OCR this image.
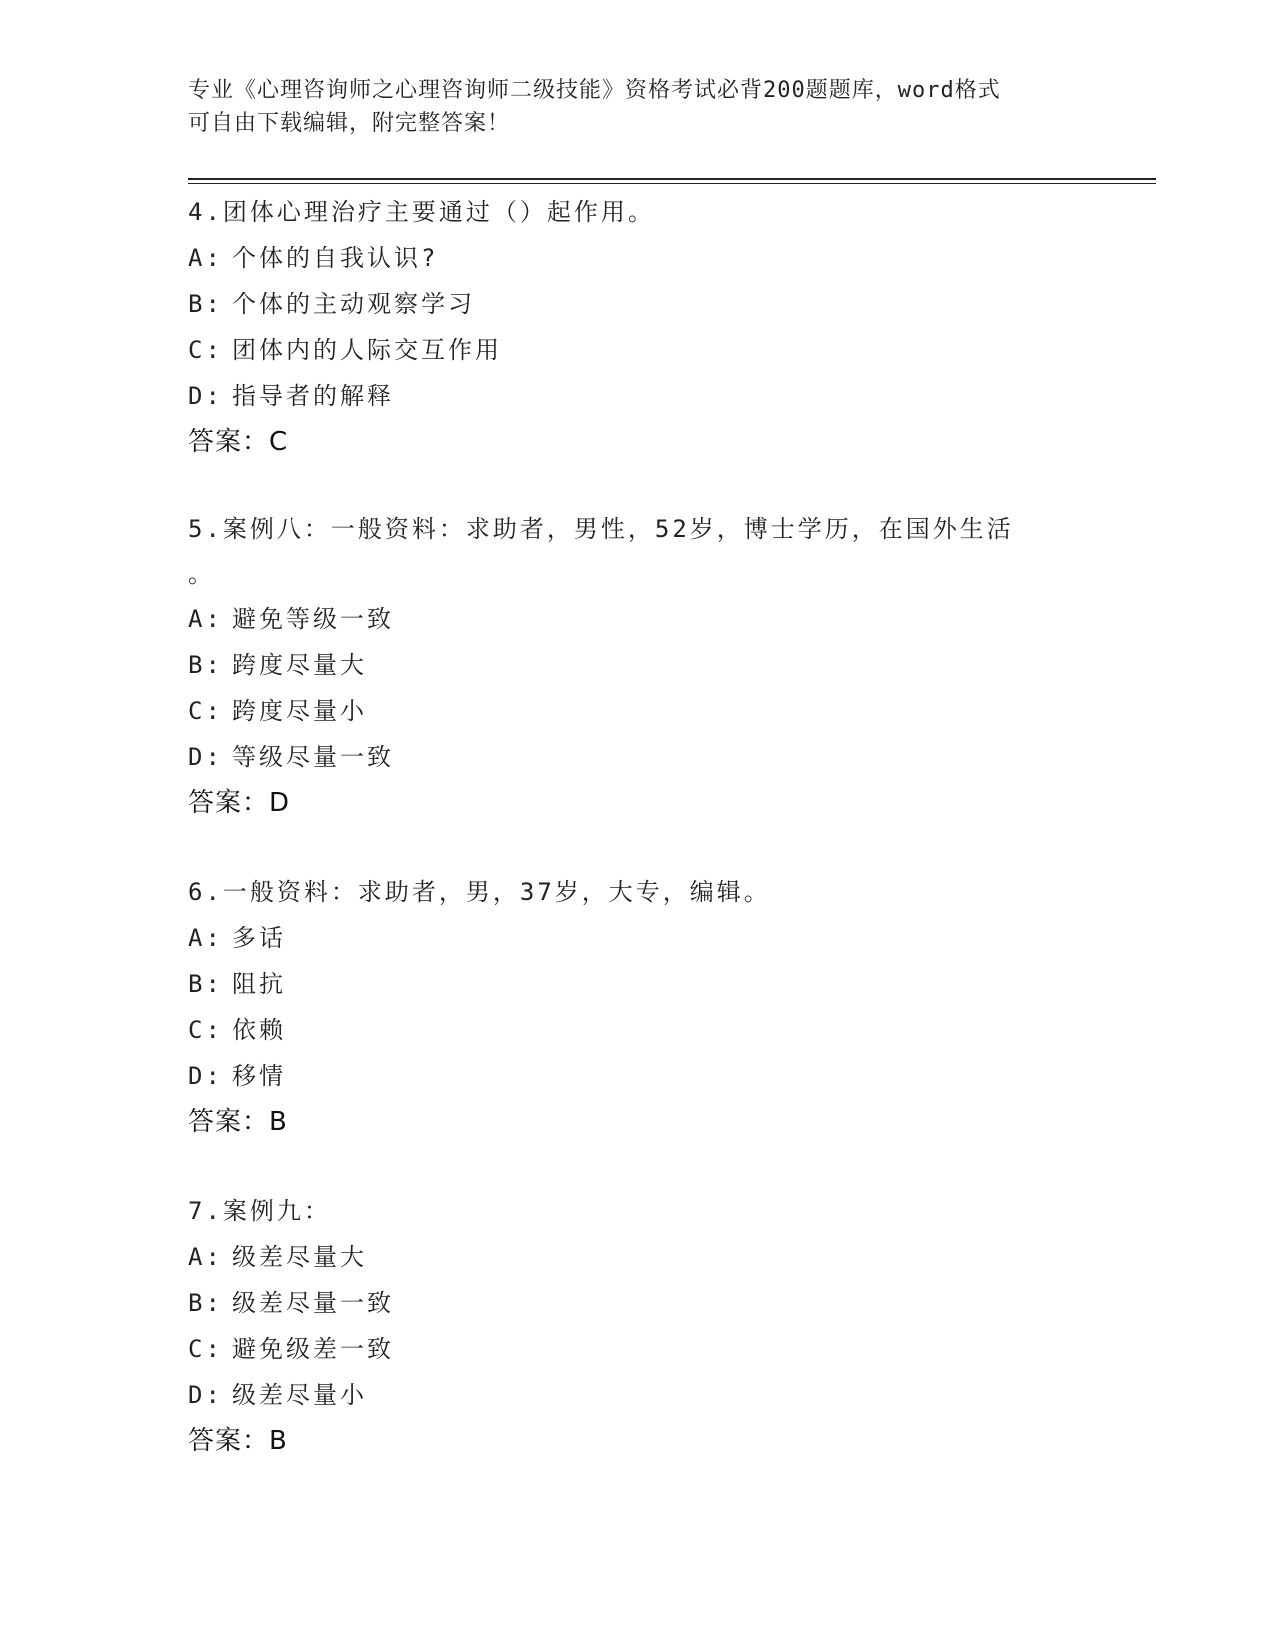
专业《心理咨询师之心理咨询师二级技能》资格考试必背200题题库，word格式
可自由下载编辑，附完整答案！
4.团体心理治疗主要通过（）起作用。
A: 个体的自我认识?
B: 个体的主动观察学习
C: 团体内的人际交互作用
D: 指导者的解释
答案：C
5.案例八：一般资料：求助者，男性，52岁，博士学历，在国外生活
。
A: 避免等级一致
B: 跨度尽量大
C: 跨度尽量小
D: 等级尽量一致
答案：D
6.一般资料：求助者，男，37岁，大专，编辑。
A: 多话
B: 阻抗
C: 依赖
D: 移情
答案：B
7.案例九：
A: 级差尽量大
B: 级差尽量一致
C: 避免级差一致
D: 级差尽量小
答案：B
